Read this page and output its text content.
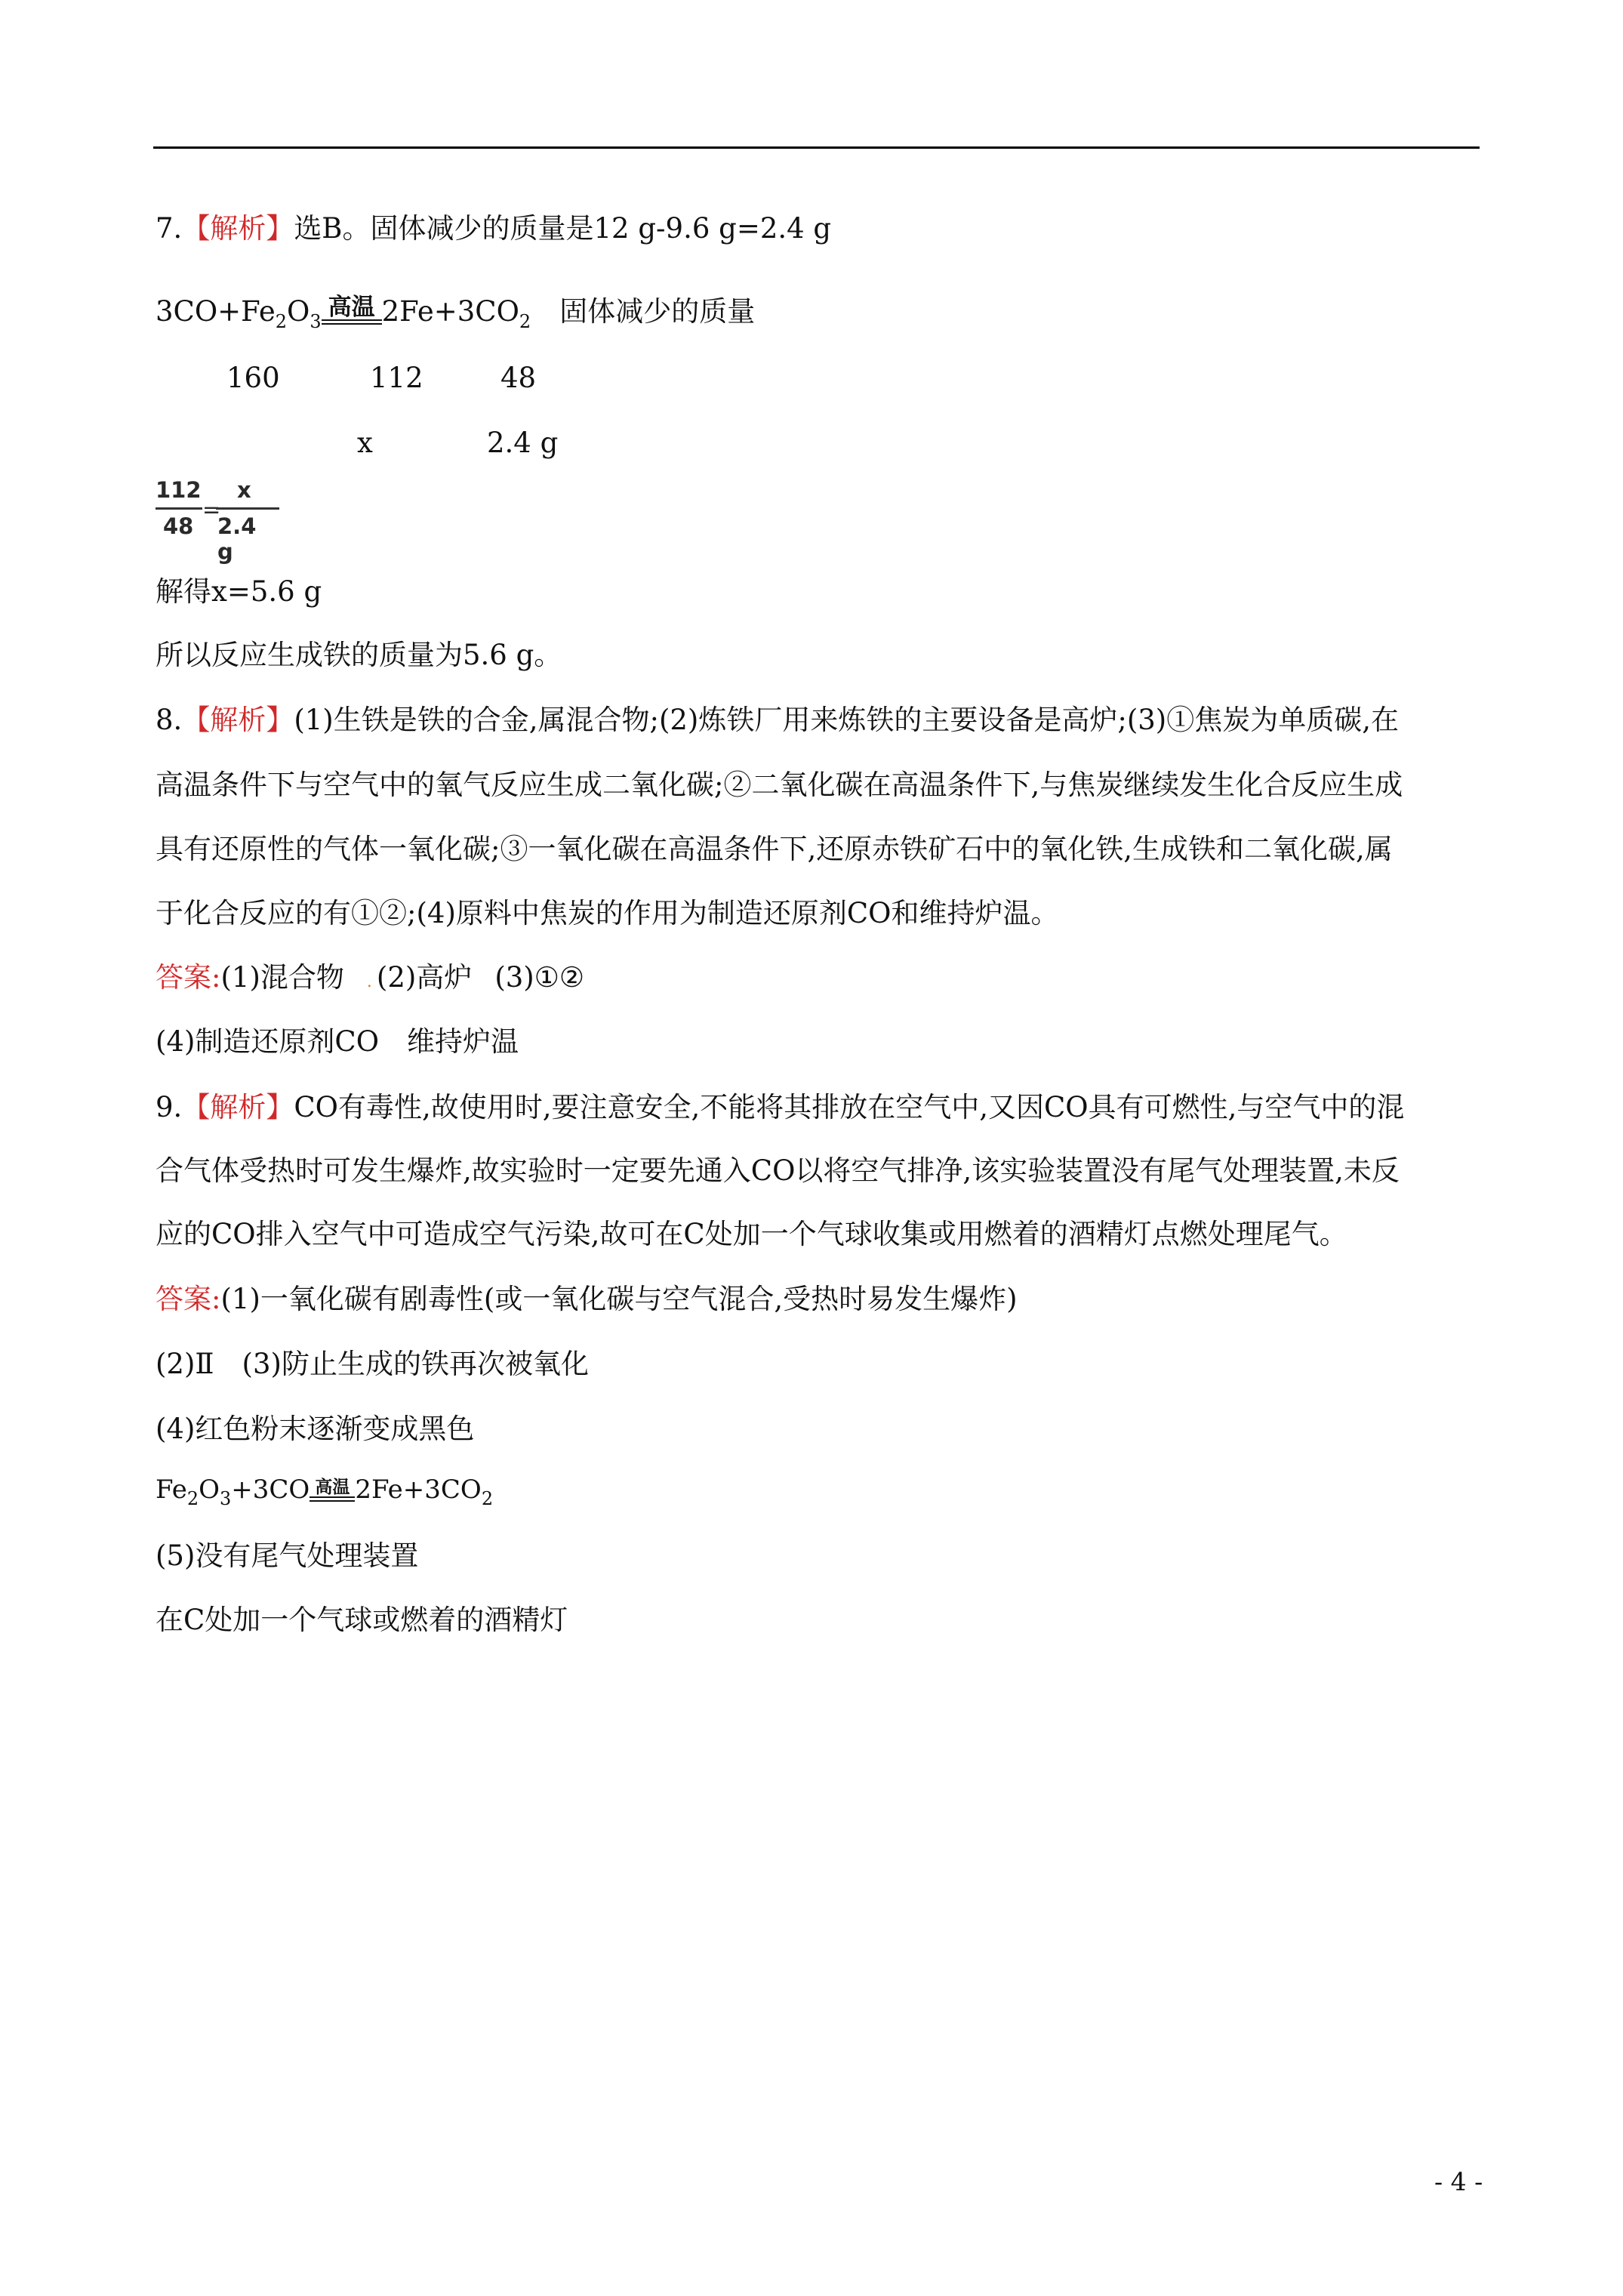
7.【解析】选B。固体减少的质量是12 g-9.6 g=2.4 g
$3CO+Fe_2O_3$
高温 $2Fe+3CO_2$ 固体减少的质量
160	112	48
x	2.4 g
112
48
=
x
2.4 g
解得x=5.6 g
所以反应生成铁的质量为5.6 g。
8.【解析】(1)生铁是铁的合金,属混合物;(2)炼铁厂用来炼铁的主要设备是高炉;(3)①焦炭为单质碳,在
高温条件下与空气中的氧气反应生成二氧化碳;②二氧化碳在高温条件下,与焦炭继续发生化合反应生成
具有还原性的气体一氧化碳;③一氧化碳在高温条件下,还原赤铁矿石中的氧化铁,生成铁和二氧化碳,属
于化合反应的有①②;(4)原料中焦炭的作用为制造还原剂CO和维持炉温。
答案:(1)混合物 . (2)高炉 (3)①②
(4)制造还原剂CO　维持炉温
9.【解析】CO有毒性,故使用时,要注意安全,不能将其排放在空气中,又因CO具有可燃性,与空气中的混
合气体受热时可发生爆炸,故实验时一定要先通入CO以将空气排净,该实验装置没有尾气处理装置,未反
应的CO排入空气中可造成空气污染,故可在C处加一个气球收集或用燃着的酒精灯点燃处理尾气。
答案:(1)一氧化碳有剧毒性(或一氧化碳与空气混合,受热时易发生爆炸)
(2)Ⅱ　(3)防止生成的铁再次被氧化
(4)红色粉末逐渐变成黑色
$Fe_2O_3+3CO$ 高温 $2Fe+3CO_2$
(5)没有尾气处理装置
在C处加一个气球或燃着的酒精灯
- 4 -
